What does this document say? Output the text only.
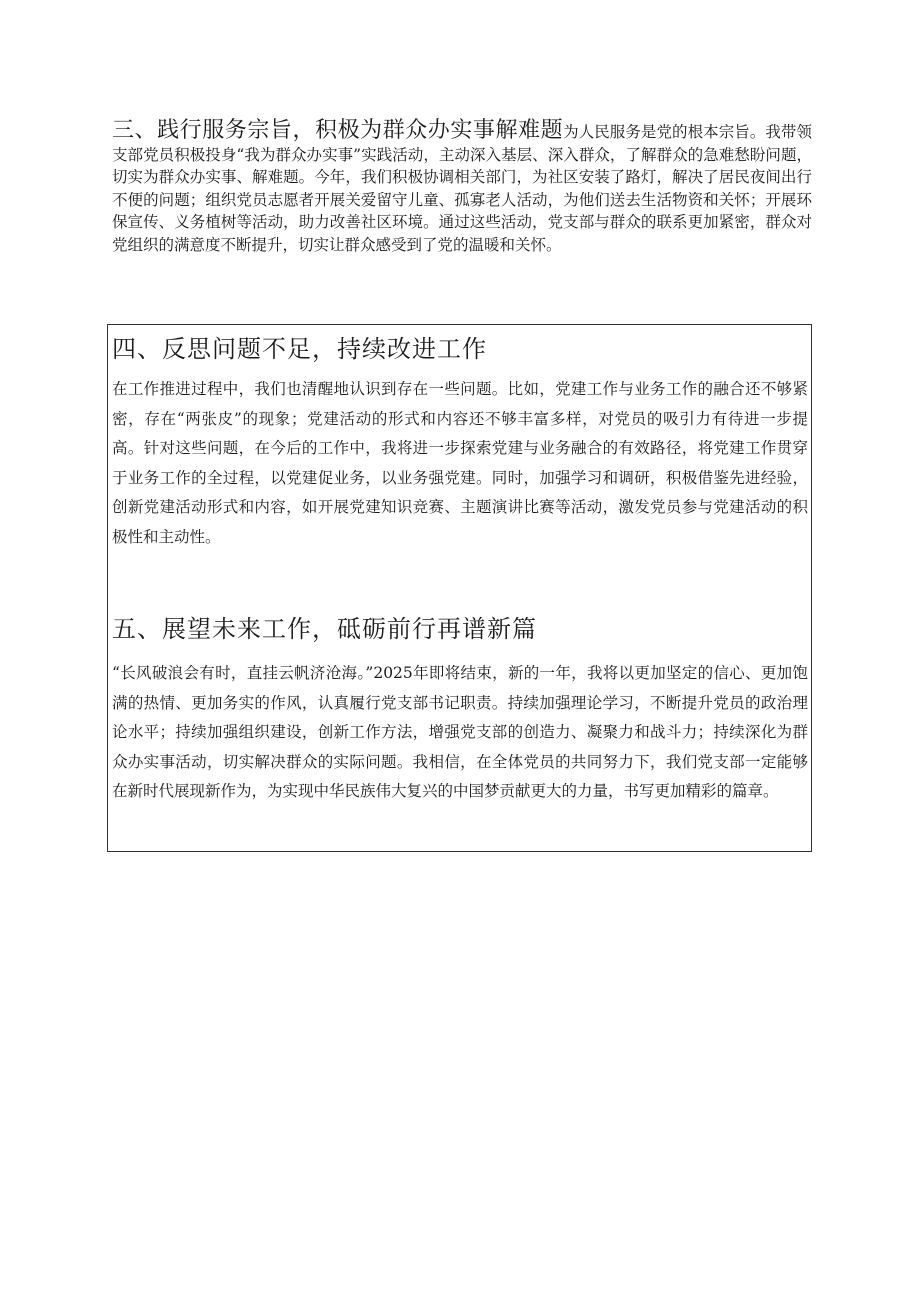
三、践行服务宗旨，积极为群众办实事解难题为人民服务是党的根本宗旨。我带领支部党员积极投身“我为群众办实事”实践活动，主动深入基层、深入群众，了解群众的急难愁盼问题，切实为群众办实事、解难题。今年，我们积极协调相关部门，为社区安装了路灯，解决了居民夜间出行不便的问题；组织党员志愿者开展关爱留守儿童、孤寡老人活动，为他们送去生活物资和关怀；开展环保宣传、义务植树等活动，助力改善社区环境。通过这些活动，党支部与群众的联系更加紧密，群众对党组织的满意度不断提升，切实让群众感受到了党的温暖和关怀。

四、反思问题不足，持续改进工作

在工作推进过程中，我们也清醒地认识到存在一些问题。比如，党建工作与业务工作的融合还不够紧密，存在“两张皮”的现象；党建活动的形式和内容还不够丰富多样，对党员的吸引力有待进一步提高。针对这些问题，在今后的工作中，我将进一步探索党建与业务融合的有效路径，将党建工作贯穿于业务工作的全过程，以党建促业务，以业务强党建。同时，加强学习和调研，积极借鉴先进经验，创新党建活动形式和内容，如开展党建知识竞赛、主题演讲比赛等活动，激发党员参与党建活动的积极性和主动性。

五、展望未来工作，砥砺前行再谱新篇

“长风破浪会有时，直挂云帆济沧海。”2025年即将结束，新的一年，我将以更加坚定的信心、更加饱满的热情、更加务实的作风，认真履行党支部书记职责。持续加强理论学习，不断提升党员的政治理论水平；持续加强组织建设，创新工作方法，增强党支部的创造力、凝聚力和战斗力；持续深化为群众办实事活动，切实解决群众的实际问题。我相信，在全体党员的共同努力下，我们党支部一定能够在新时代展现新作为，为实现中华民族伟大复兴的中国梦贡献更大的力量，书写更加精彩的篇章。
